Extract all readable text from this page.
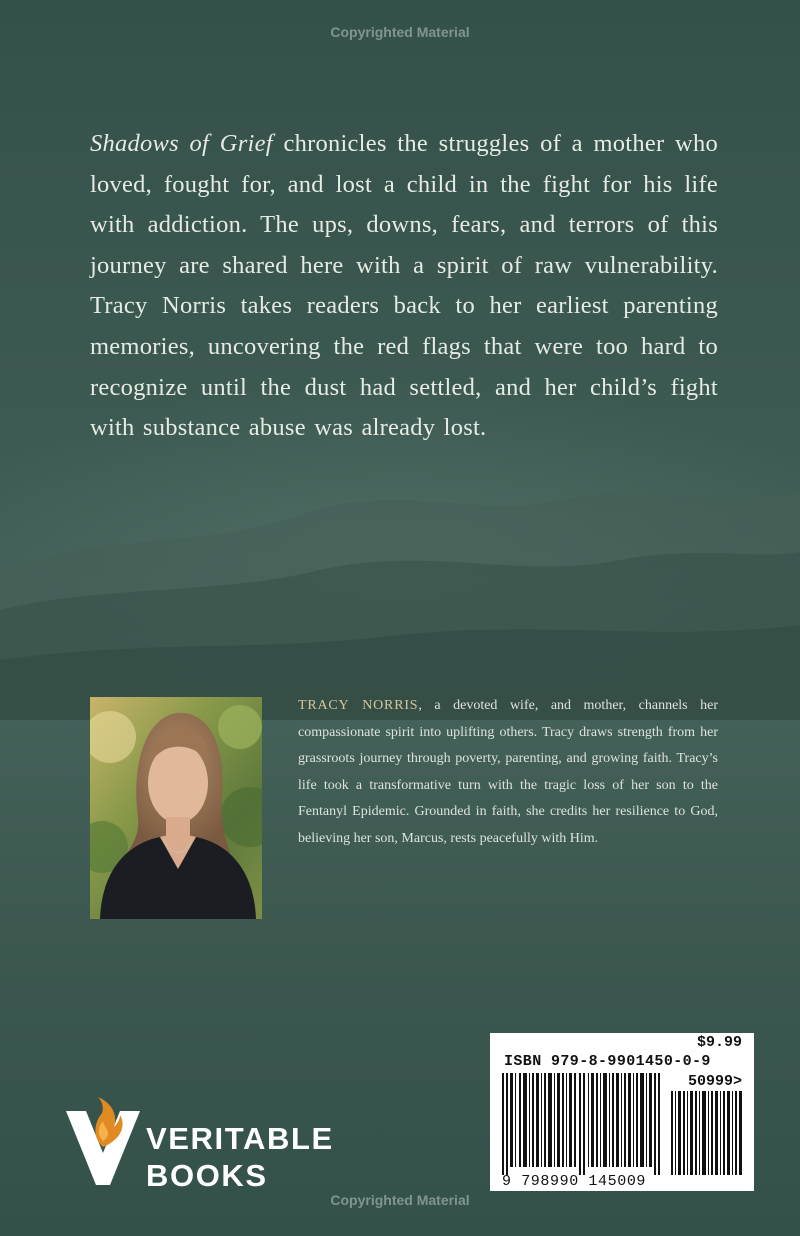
Copyrighted Material

Shadows of Grief chronicles the struggles of a mother who loved, fought for, and lost a child in the fight for his life with addiction. The ups, downs, fears, and terrors of this journey are shared here with a spirit of raw vulnerability. Tracy Norris takes readers back to her earliest parenting memories, uncovering the red flags that were too hard to recognize until the dust had settled, and her child’s fight with substance abuse was already lost.

TRACY NORRIS, a devoted wife, and mother, channels her compassionate spirit into uplifting others. Tracy draws strength from her grassroots journey through poverty, parenting, and growing faith. Tracy’s life took a transformative turn with the tragic loss of her son to the Fentanyl Epidemic. Grounded in faith, she credits her resilience to God, believing her son, Marcus, rests peacefully with Him.

$9.99
ISBN 979-8-9901450-0-9
50999>
9 798990 145009
VERITABLE
BOOKS
Copyrighted Material
